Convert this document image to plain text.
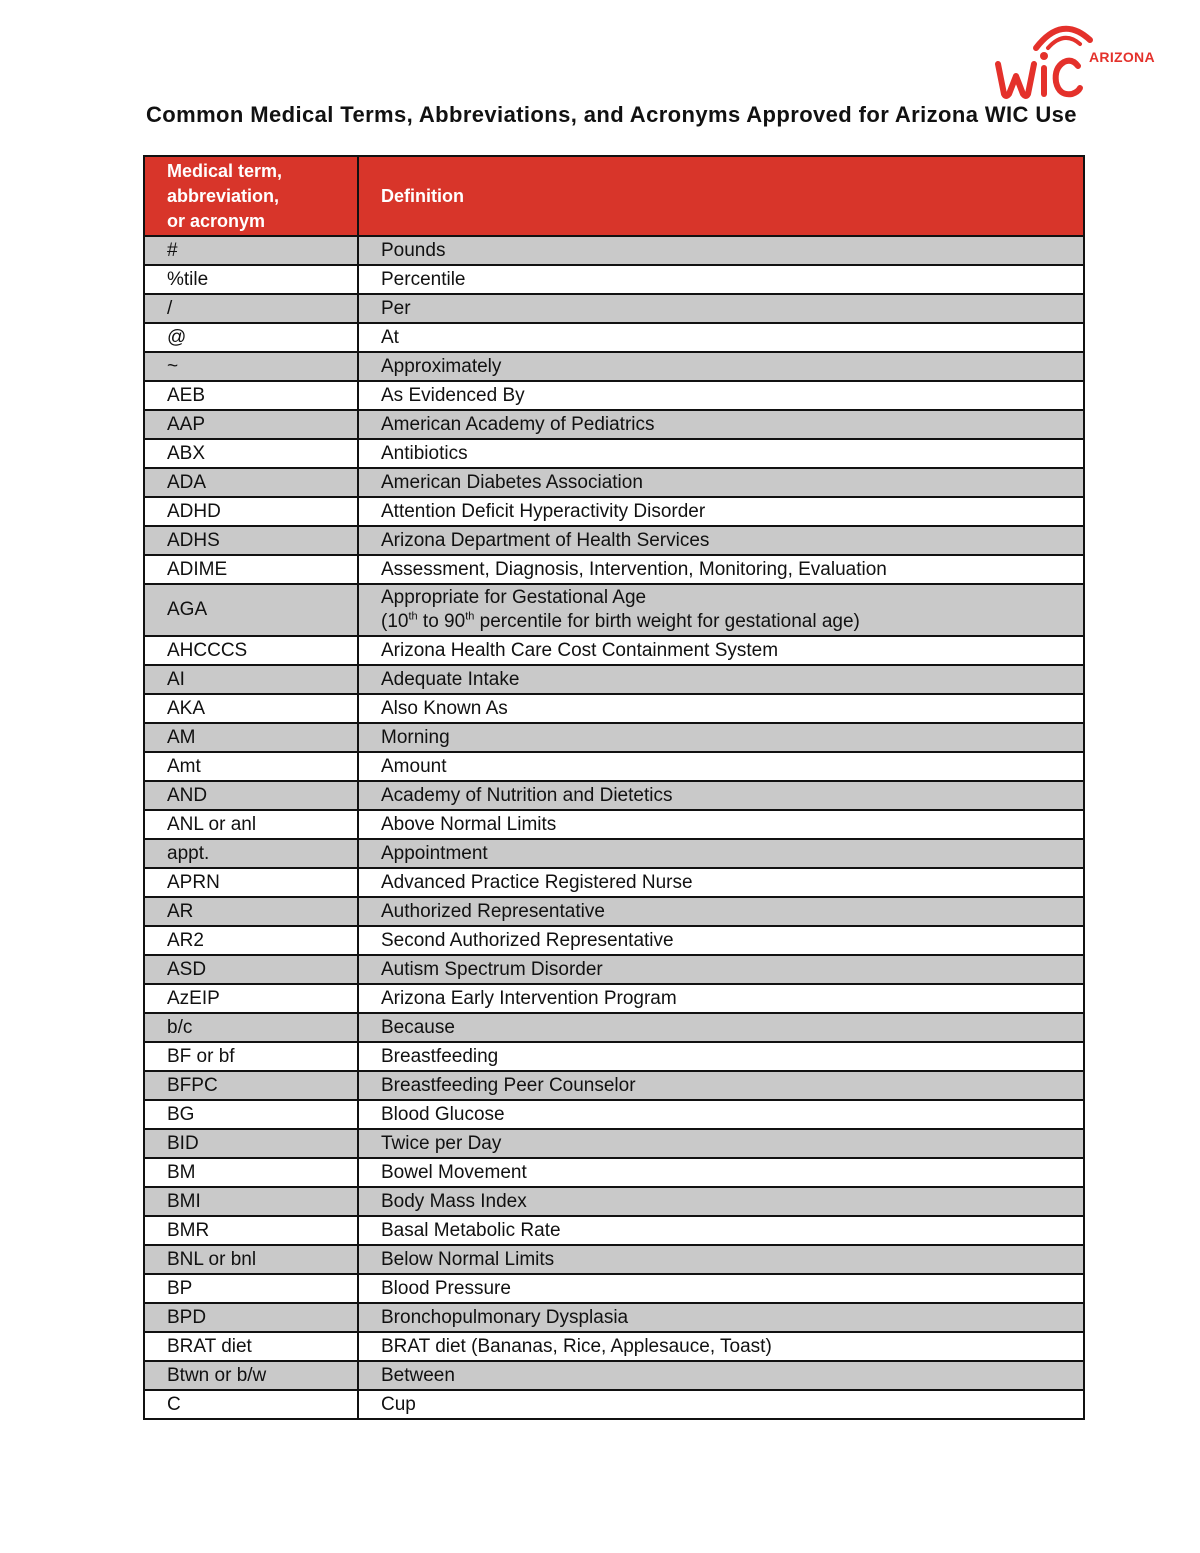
ARIZONA
Common Medical Terms, Abbreviations, and Acronyms Approved for Arizona WIC Use
Medical term,
abbreviation,
or acronym	Definition
#	Pounds
%tile	Percentile
/	Per
@	At
~	Approximately
AEB	As Evidenced By
AAP	American Academy of Pediatrics
ABX	Antibiotics
ADA	American Diabetes Association
ADHD	Attention Deficit Hyperactivity Disorder
ADHS	Arizona Department of Health Services
ADIME	Assessment, Diagnosis, Intervention, Monitoring, Evaluation
AGA	Appropriate for Gestational Age
(10th to 90th percentile for birth weight for gestational age)

AHCCCS	Arizona Health Care Cost Containment System
AI	Adequate Intake
AKA	Also Known As
AM	Morning
Amt	Amount
AND	Academy of Nutrition and Dietetics
ANL or anl	Above Normal Limits
appt.	Appointment
APRN	Advanced Practice Registered Nurse
AR	Authorized Representative
AR2	Second Authorized Representative
ASD	Autism Spectrum Disorder
AzEIP	Arizona Early Intervention Program
b/c	Because
BF or bf	Breastfeeding
BFPC	Breastfeeding Peer Counselor
BG	Blood Glucose
BID	Twice per Day
BM	Bowel Movement
BMI	Body Mass Index
BMR	Basal Metabolic Rate
BNL or bnl	Below Normal Limits
BP	Blood Pressure
BPD	Bronchopulmonary Dysplasia
BRAT diet	BRAT diet (Bananas, Rice, Applesauce, Toast)
Btwn or b/w	Between
C	Cup
